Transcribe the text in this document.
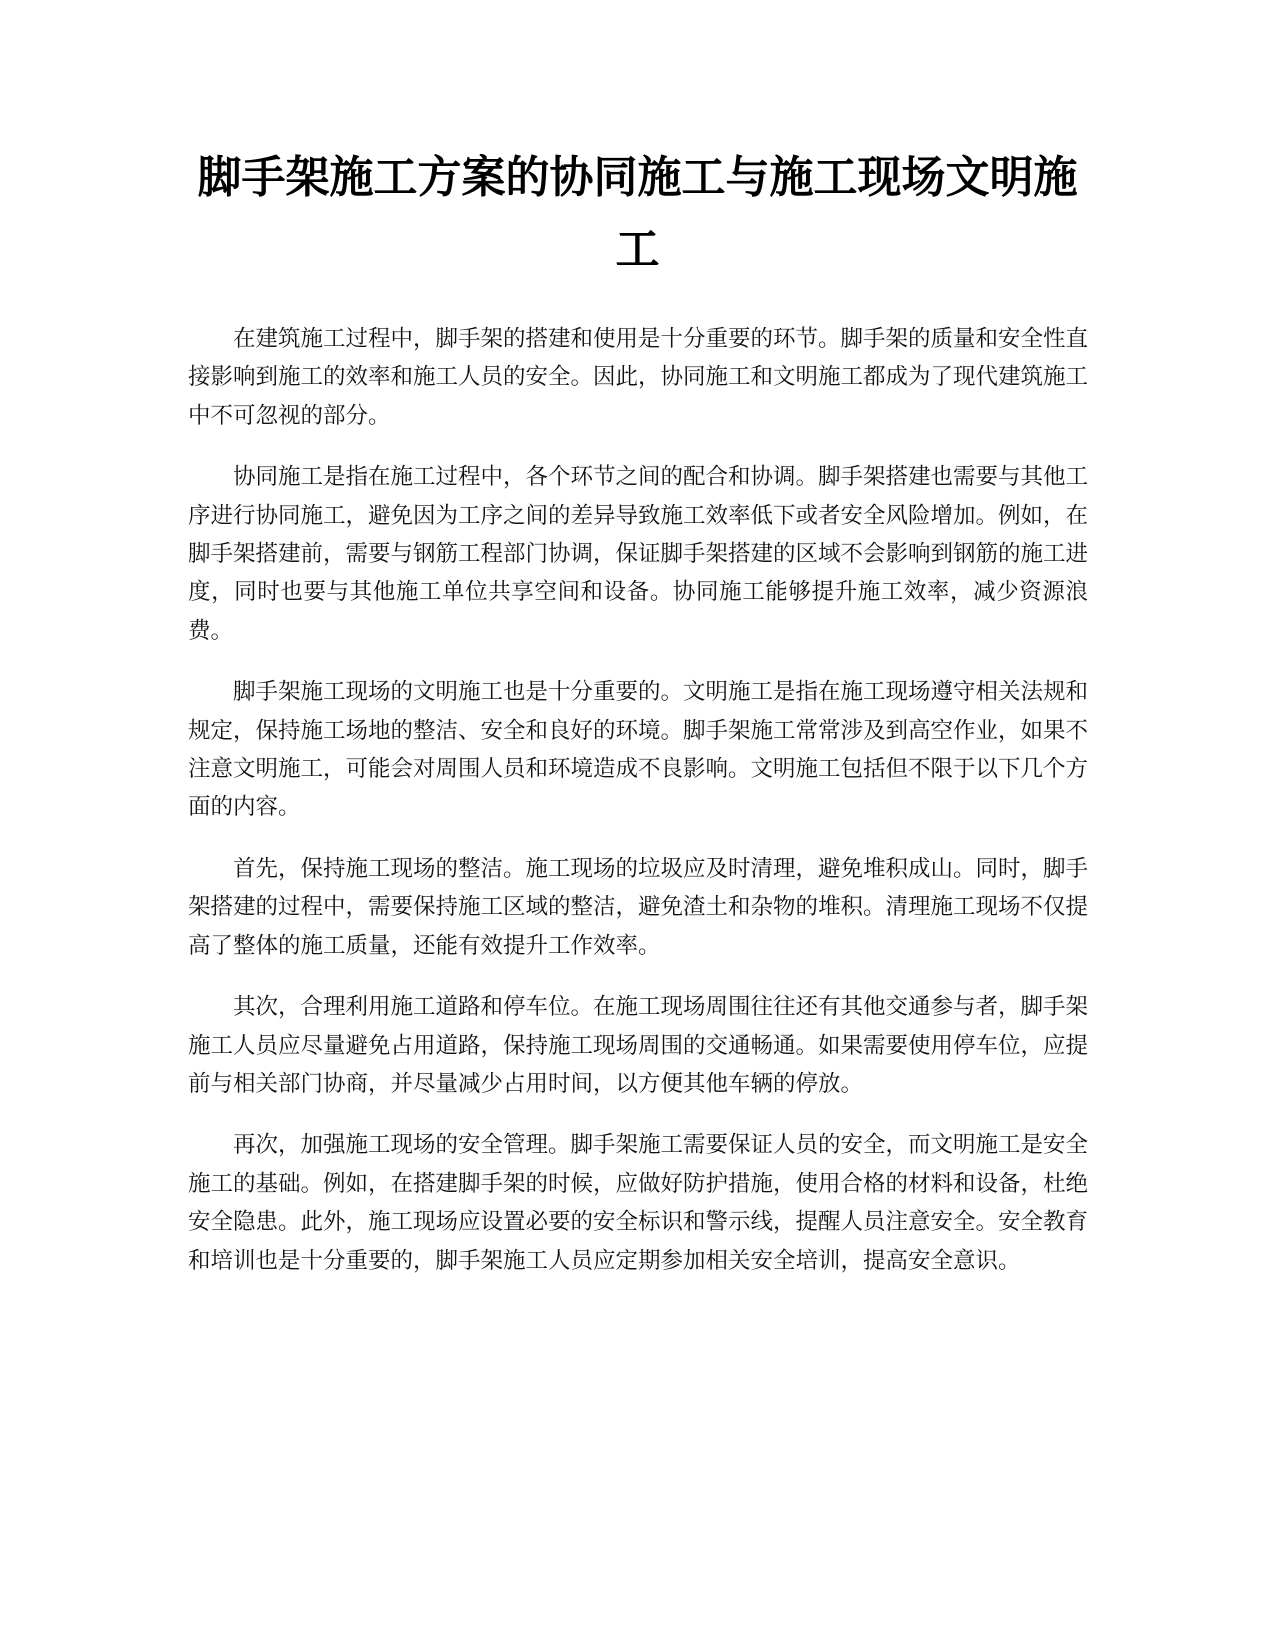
脚手架施工方案的协同施工与施工现场文明施工

在建筑施工过程中，脚手架的搭建和使用是十分重要的环节。脚手架的质量和安全性直接影响到施工的效率和施工人员的安全。因此，协同施工和文明施工都成为了现代建筑施工中不可忽视的部分。

协同施工是指在施工过程中，各个环节之间的配合和协调。脚手架搭建也需要与其他工序进行协同施工，避免因为工序之间的差异导致施工效率低下或者安全风险增加。例如，在脚手架搭建前，需要与钢筋工程部门协调，保证脚手架搭建的区域不会影响到钢筋的施工进度，同时也要与其他施工单位共享空间和设备。协同施工能够提升施工效率，减少资源浪费。

脚手架施工现场的文明施工也是十分重要的。文明施工是指在施工现场遵守相关法规和规定，保持施工场地的整洁、安全和良好的环境。脚手架施工常常涉及到高空作业，如果不注意文明施工，可能会对周围人员和环境造成不良影响。文明施工包括但不限于以下几个方面的内容。

首先，保持施工现场的整洁。施工现场的垃圾应及时清理，避免堆积成山。同时，脚手架搭建的过程中，需要保持施工区域的整洁，避免渣土和杂物的堆积。清理施工现场不仅提高了整体的施工质量，还能有效提升工作效率。

其次，合理利用施工道路和停车位。在施工现场周围往往还有其他交通参与者，脚手架施工人员应尽量避免占用道路，保持施工现场周围的交通畅通。如果需要使用停车位，应提前与相关部门协商，并尽量减少占用时间，以方便其他车辆的停放。

再次，加强施工现场的安全管理。脚手架施工需要保证人员的安全，而文明施工是安全施工的基础。例如，在搭建脚手架的时候，应做好防护措施，使用合格的材料和设备，杜绝安全隐患。此外，施工现场应设置必要的安全标识和警示线，提醒人员注意安全。安全教育和培训也是十分重要的，脚手架施工人员应定期参加相关安全培训，提高安全意识。
